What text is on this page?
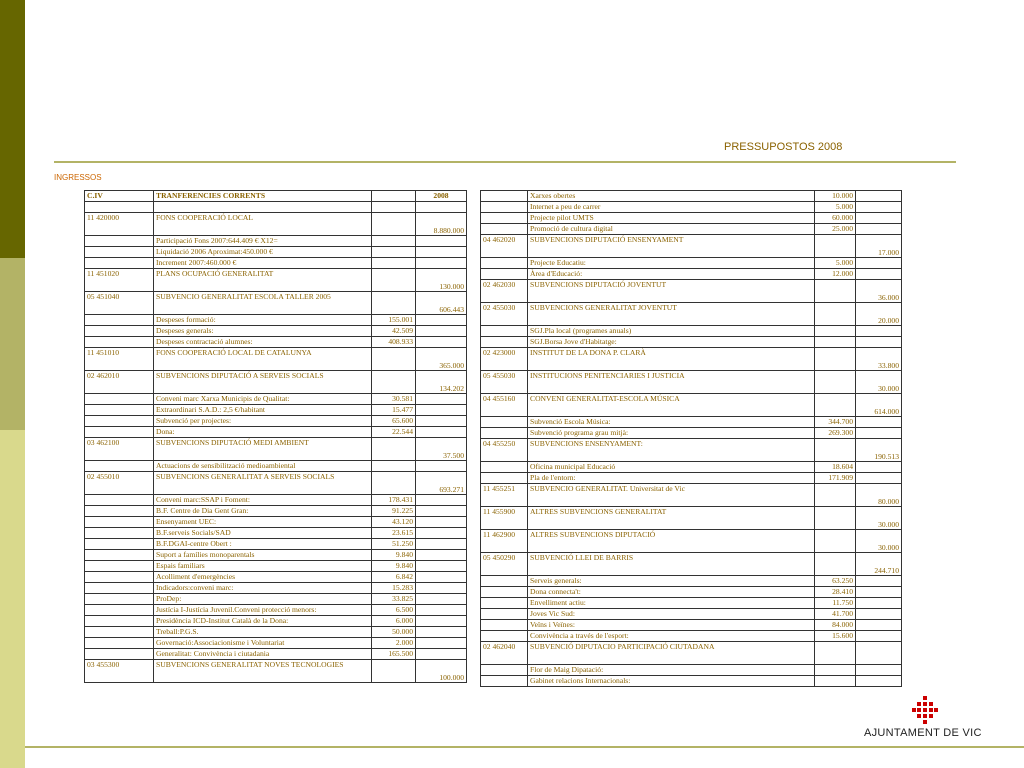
PRESSUPOSTOS 2008
INGRESSOS
C.IV	TRANFERENCIES CORRENTS		2008

11 420000	FONS COOPERACIÓ LOCAL		8.880.000
	Participació Fons 2007:644.409 € X12=		
	Liquidació 2006 Aproximat:450.000 €		
	Increment 2007:460.000 €		
11 451020	PLANS OCUPACIÓ GENERALITAT		130.000
05 451040	SUBVENCIO GENERALITAT ESCOLA TALLER 2005		606.443
	Despeses formació:	155.001	
	Despeses generals:	42.509	
	Despeses contractació alumnes:	408.933	
11 451010	FONS COOPERACIÓ LOCAL DE CATALUNYA		365.000
02 462010	SUBVENCIONS DIPUTACIÓ A SERVEIS SOCIALS		134.202
	Conveni marc Xarxa Municipis de Qualitat:	30.581	
	Extraordinari S.A.D.: 2,5 €/habitant	15.477	
	Subvenció per projectes:	65.600	
	Dona:	22.544	
03 462100	SUBVENCIONS DIPUTACIÓ MEDI AMBIENT		37.500
	Actuacions de sensibilització medioambiental		
02 455010	SUBVENCIONS GENERALITAT A SERVEIS SOCIALS		693.271
	Conveni marc:SSAP i Foment:	178.431	
	B.F. Centre de Dia Gent Gran:	91.225	
	Ensenyament UEC:	43.120	
	B.F.serveis Socials/SAD	23.615	
	B.F.DGAI-centre Obert :	51.250	
	Suport a famílies monoparentals	9.840	
	Espais familiars	9.840	
	Acolliment d'emergències	6.842	
	Indicadors:conveni marc:	15.283	
	ProDep:	33.825	
	Justícia I-Justícia Juvenil.Conveni protecció menors:	6.500	
	Presidència ICD-Institut Català de la Dona:	6.000	
	Treball:P.G.S.	50.000	
	Governació:Associacionisme i Voluntariat	2.000	
	Generalitat: Convivència i ciutadania	165.500	
03 455300	SUBVENCIONS GENERALITAT NOVES TECNOLOGIES		100.000
	Xarxes obertes	10.000	
	Internet a peu de carrer	5.000	
	Projecte pilot UMTS	60.000	
	Promoció de cultura digital	25.000	
04 462020	SUBVENCIONS DIPUTACIÓ ENSENYAMENT		17.000
	Projecte Educatiu:	5.000	
	Àrea d'Educació:	12.000	
02 462030	SUBVENCIONS DIPUTACIÓ JOVENTUT		36.000
02 455030	SUBVENCIONS GENERALITAT JOVENTUT		20.000
	SGJ.Pla local (programes anuals)		
	SGJ.Borsa Jove d'Habitatge:		
02 423000	INSTITUT DE LA DONA P. CLARÀ		33.800
05 455030	INSTITUCIONS PENITENCIARIES I JUSTICIA		30.000
04 455160	CONVENI GENERALITAT-ESCOLA MÚSICA		614.000
	Subvenció Escola Música:	344.700	
	Subvenció programa grau mitjà:	269.300	
04 455250	SUBVENCIONS ENSENYAMENT:		190.513
	Oficina municipal Educació	18.604	
	Pla de l'entorn:	171.909	
11 455251	SUBVENCIO GENERALITAT. Universitat de Vic		80.000
11 455900	ALTRES SUBVENCIONS GENERALITAT		30.000
11 462900	ALTRES SUBVENCIONS DIPUTACIÓ		30.000
05 450290	SUBVENCIÓ LLEI DE BARRIS		244.710
	Serveis generals:	63.250	
	Dona connecta't:	28.410	
	Envelliment actiu:	11.750	
	Joves Vic Sud:	41.700	
	Veïns i Veïnes:	84.000	
	Convivència a través de l'esport:	15.600	
02 462040	SUBVENCIÓ DIPUTACIO PARTICIPACIÓ CIUTADANA		
	Flor de Maig Dipatació:		
	Gabinet relacions Internacionals:		
AJUNTAMENT DE VIC
